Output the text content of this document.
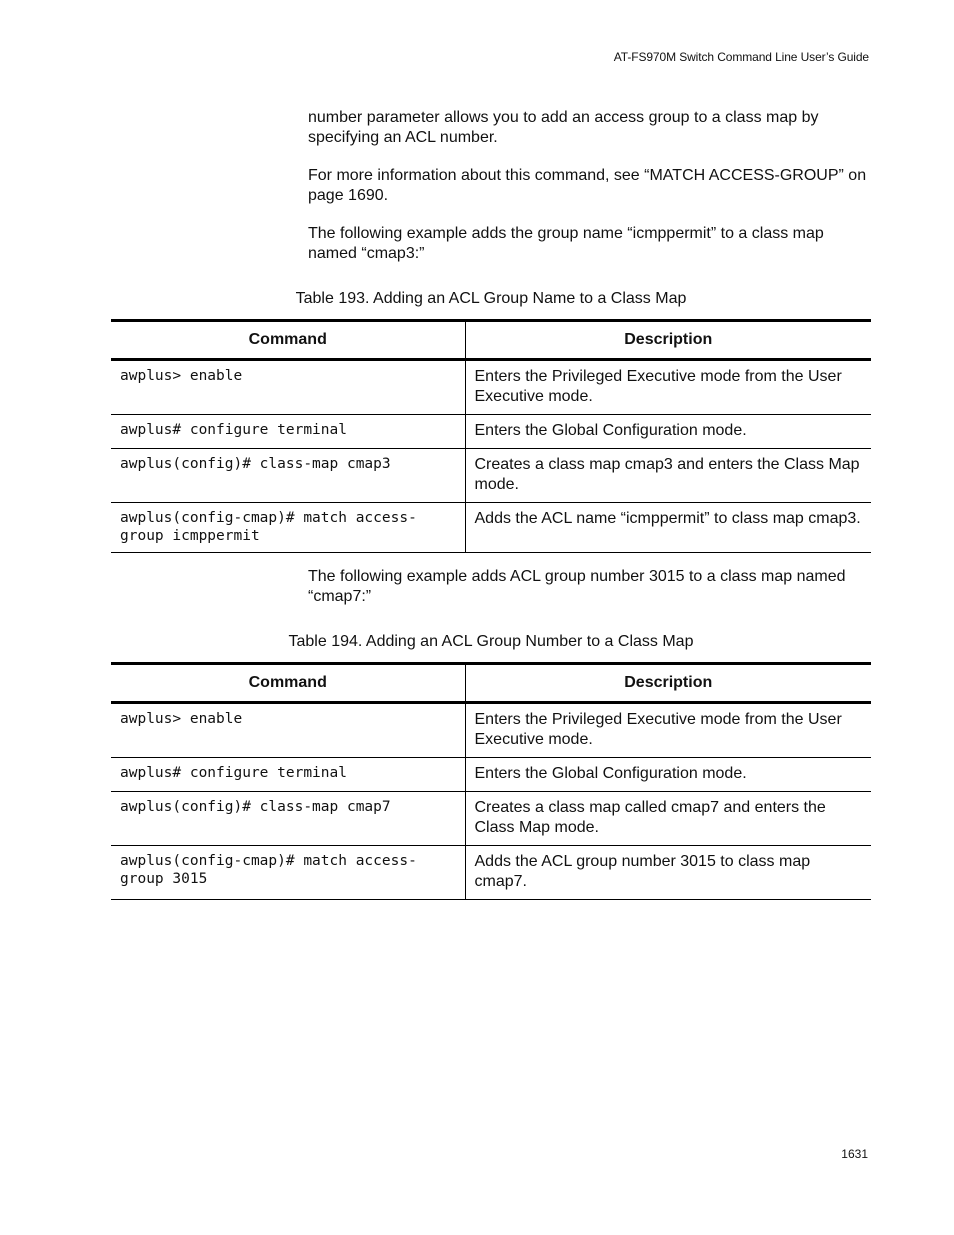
AT-FS970M Switch Command Line User’s Guide

number parameter allows you to add an access group to a class map by specifying an ACL number.

For more information about this command, see “MATCH ACCESS-GROUP” on page 1690.

The following example adds the group name “icmppermit” to a class map named “cmap3:”

Table 193. Adding an ACL Group Name to a Class Map

Command	Description
awplus> enable	Enters the Privileged Executive mode from the User Executive mode.
awplus# configure terminal	Enters the Global Configuration mode.
awplus(config)# class-map cmap3	Creates a class map cmap3 and enters the Class Map mode.
awplus(config-cmap)# match access-group icmppermit	Adds the ACL name “icmppermit” to class map cmap3.

The following example adds ACL group number 3015 to a class map named “cmap7:”

Table 194. Adding an ACL Group Number to a Class Map

Command	Description
awplus> enable	Enters the Privileged Executive mode from the User Executive mode.
awplus# configure terminal	Enters the Global Configuration mode.
awplus(config)# class-map cmap7	Creates a class map called cmap7 and enters the Class Map mode.
awplus(config-cmap)# match access-group 3015	Adds the ACL group number 3015 to class map cmap7.
1631
